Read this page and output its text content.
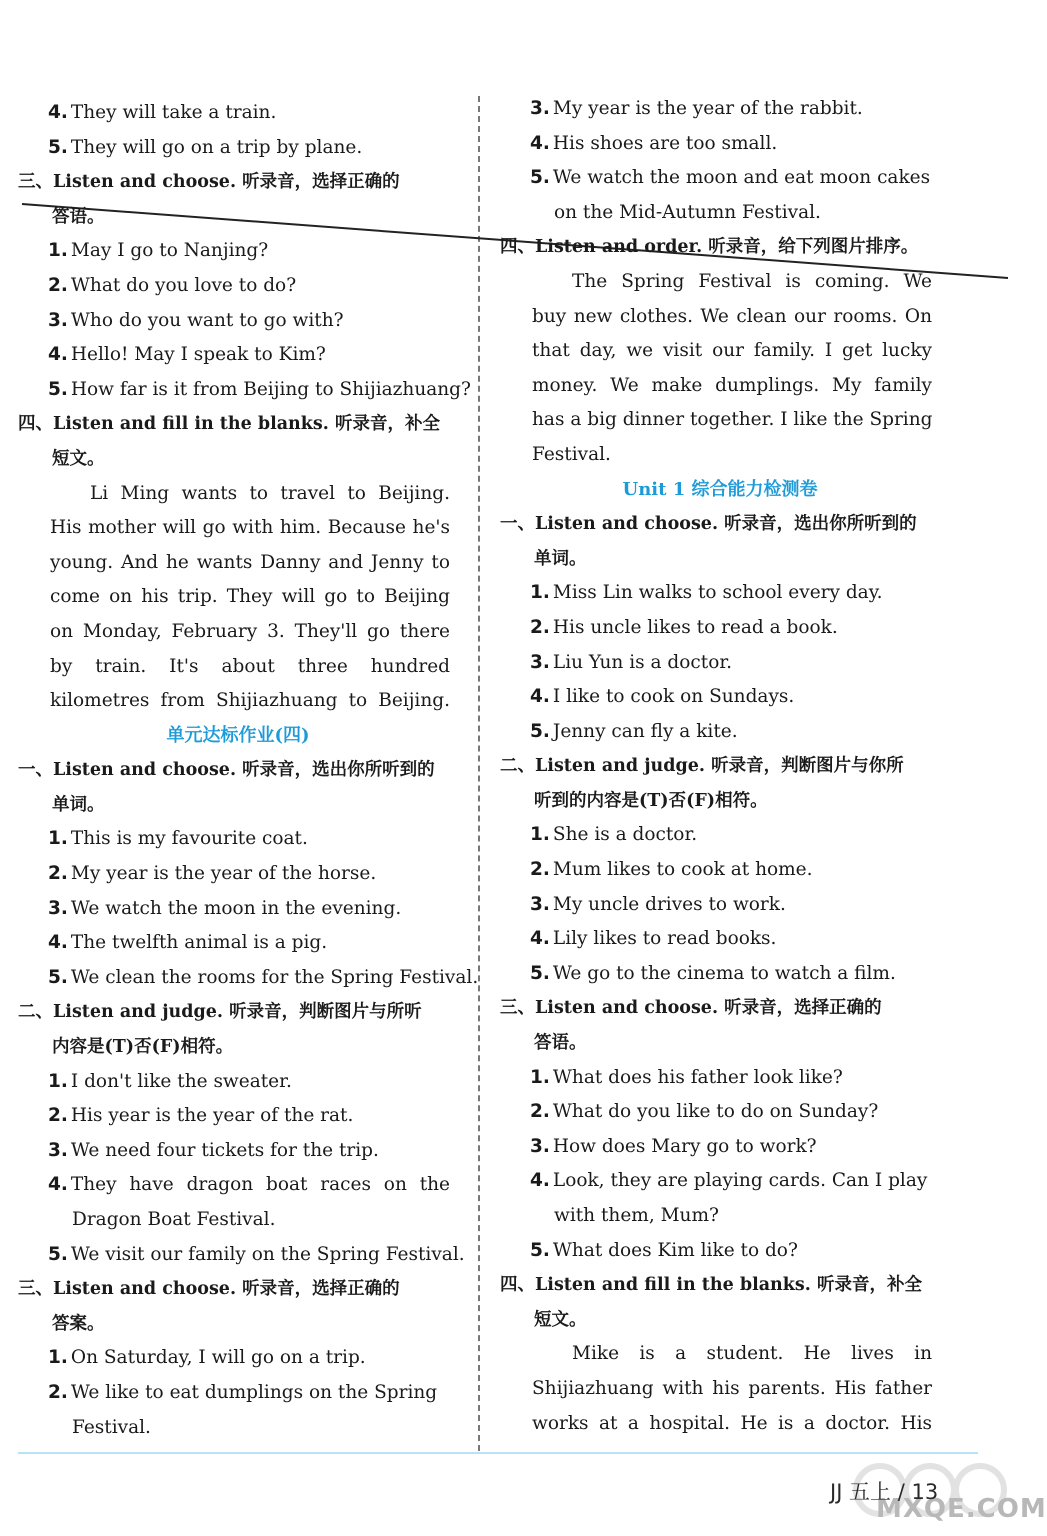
4. They will take a train.
5. They will go on a trip by plane.
三、Listen and choose. 听录音，选择正确的
答语。
1. May I go to Nanjing?
2. What do you love to do?
3. Who do you want to go with?
4. Hello! May I speak to Kim?
5. How far is it from Beijing to Shijiazhuang?
四、Listen and fill in the blanks. 听录音，补全
短文。
Li Ming wants to travel to Beijing.
His mother will go with him. Because he's
young. And he wants Danny and Jenny to
come on his trip. They will go to Beijing
on Monday, February 3. They'll go there
by train. It's about three hundred
kilometres from Shijiazhuang to Beijing.
单元达标作业(四)
一、Listen and choose. 听录音，选出你所听到的
单词。
1. This is my favourite coat.
2. My year is the year of the horse.
3. We watch the moon in the evening.
4. The twelfth animal is a pig.
5. We clean the rooms for the Spring Festival.
二、Listen and judge. 听录音，判断图片与所听
内容是(T)否(F)相符。
1. I don't like the sweater.
2. His year is the year of the rat.
3. We need four tickets for the trip.
4. They have dragon boat races on the
Dragon Boat Festival.
5. We visit our family on the Spring Festival.
三、Listen and choose. 听录音，选择正确的
答案。
1. On Saturday, I will go on a trip.
2. We like to eat dumplings on the Spring
Festival.
3. My year is the year of the rabbit.
4. His shoes are too small.
5. We watch the moon and eat moon cakes
on the Mid-Autumn Festival.
四、Listen and order. 听录音，给下列图片排序。
The Spring Festival is coming. We
buy new clothes. We clean our rooms. On
that day, we visit our family. I get lucky
money. We make dumplings. My family
has a big dinner together. I like the Spring
Festival.
Unit 1 综合能力检测卷
一、Listen and choose. 听录音，选出你所听到的
单词。
1. Miss Lin walks to school every day.
2. His uncle likes to read a book.
3. Liu Yun is a doctor.
4. I like to cook on Sundays.
5. Jenny can fly a kite.
二、Listen and judge. 听录音，判断图片与你所
听到的内容是(T)否(F)相符。
1. She is a doctor.
2. Mum likes to cook at home.
3. My uncle drives to work.
4. Lily likes to read books.
5. We go to the cinema to watch a film.
三、Listen and choose. 听录音，选择正确的
答语。
1. What does his father look like?
2. What do you like to do on Sunday?
3. How does Mary go to work?
4. Look, they are playing cards. Can I play
with them, Mum?
5. What does Kim like to do?
四、Listen and fill in the blanks. 听录音，补全
短文。
Mike is a student. He lives in
Shijiazhuang with his parents. His father
works at a hospital. He is a doctor. His
MXQE.COM
JJ 五上 / 13
